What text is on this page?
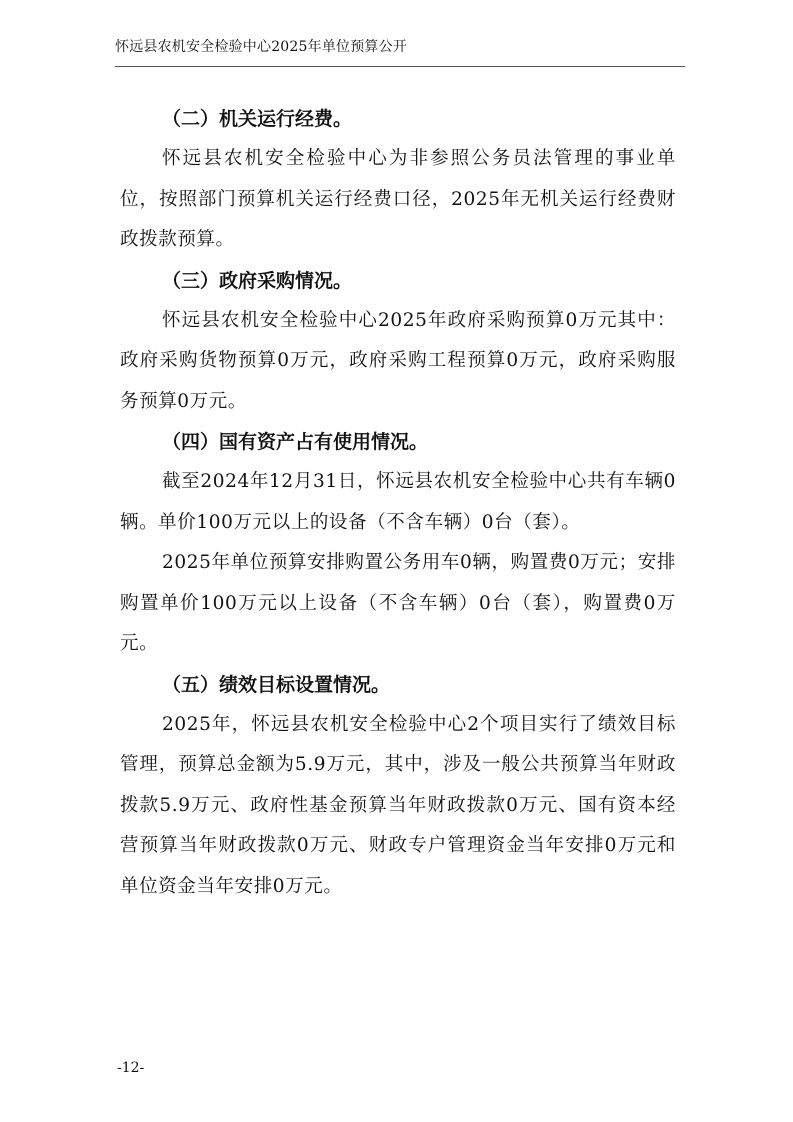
怀远县农机安全检验中心2025年单位预算公开
（二）机关运行经费。

怀远县农机安全检验中心为非参照公务员法管理的事业单位，按照部门预算机关运行经费口径，2025年无机关运行经费财政拨款预算。

（三）政府采购情况。

怀远县农机安全检验中心2025年政府采购预算0万元其中：政府采购货物预算0万元，政府采购工程预算0万元，政府采购服务预算0万元。

（四）国有资产占有使用情况。

截至2024年12月31日，怀远县农机安全检验中心共有车辆0辆。单价100万元以上的设备（不含车辆）0台（套）。

2025年单位预算安排购置公务用车0辆，购置费0万元；安排购置单价100万元以上设备（不含车辆）0台（套），购置费0万元。

（五）绩效目标设置情况。

2025年，怀远县农机安全检验中心2个项目实行了绩效目标管理，预算总金额为5.9万元，其中，涉及一般公共预算当年财政拨款5.9万元、政府性基金预算当年财政拨款0万元、国有资本经营预算当年财政拨款0万元、财政专户管理资金当年安排0万元和单位资金当年安排0万元。

-12-
